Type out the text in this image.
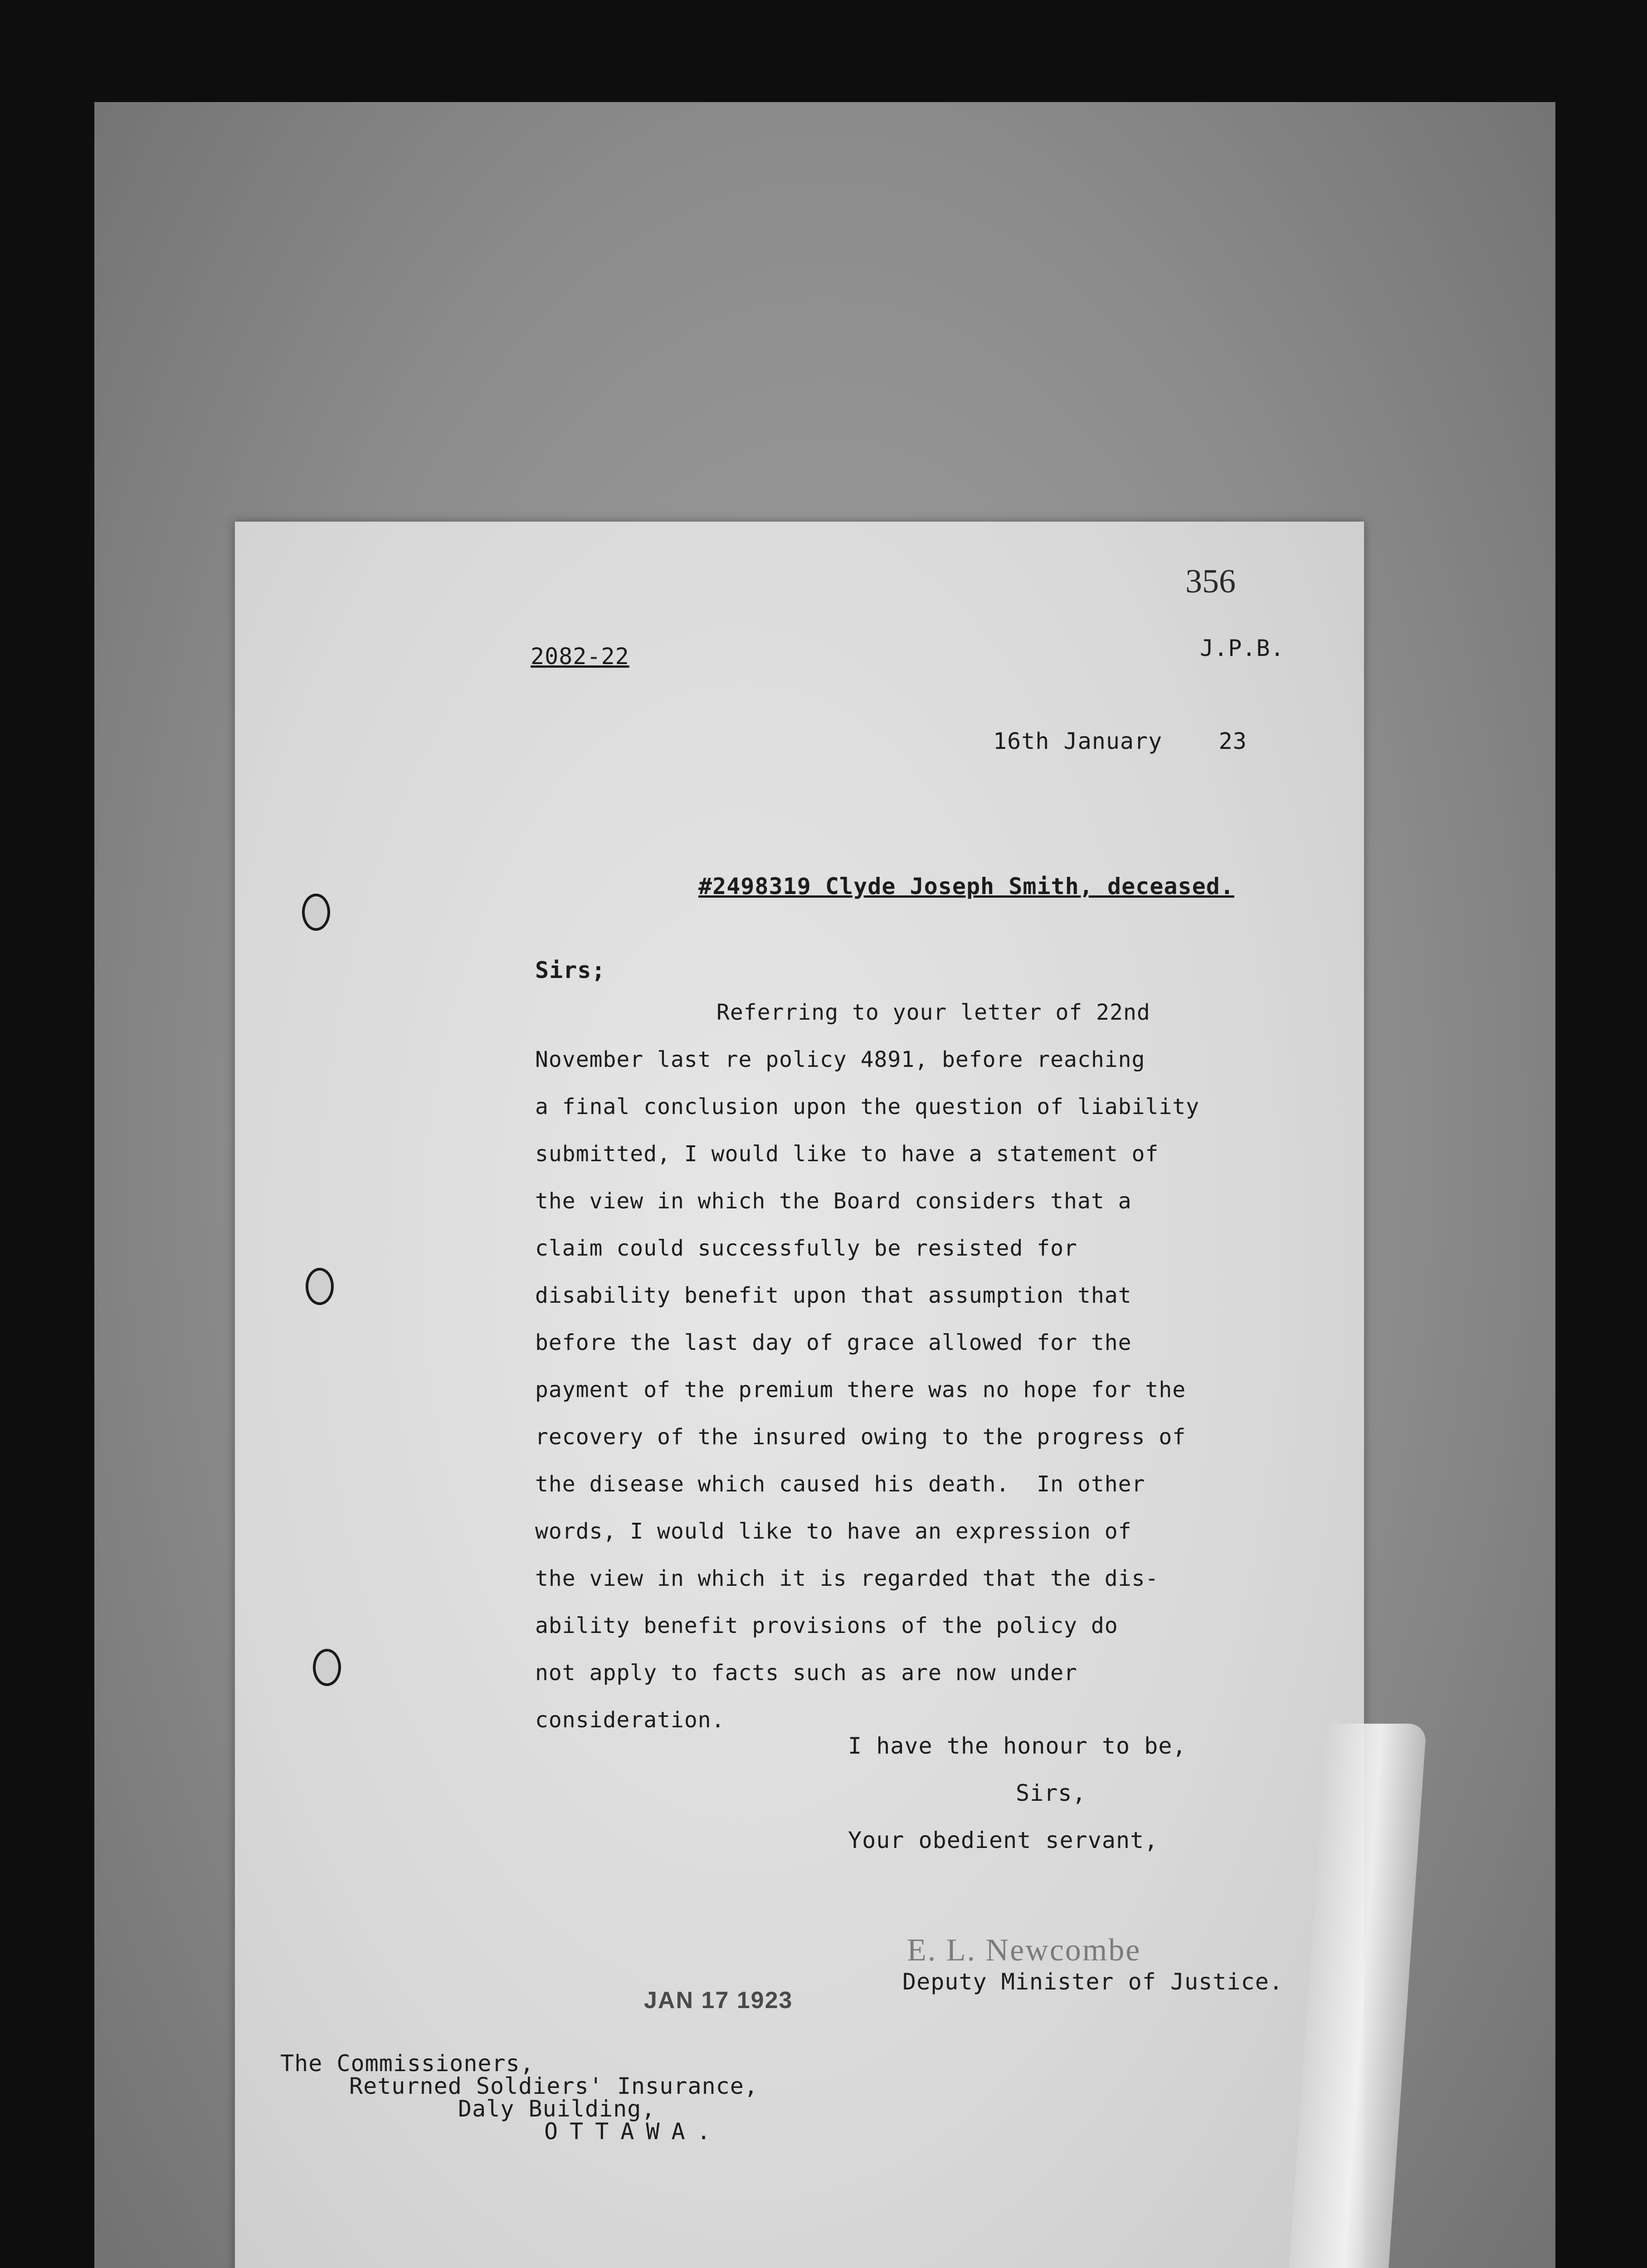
356
2082-22	J.P.B.
16th January    23
#2498319 Clyde Joseph Smith, deceased.
Sirs;
Referring to your letter of 22nd
November last re policy 4891, before reaching
a final conclusion upon the question of liability
submitted, I would like to have a statement of
the view in which the Board considers that a
claim could successfully be resisted for
disability benefit upon that assumption that
before the last day of grace allowed for the
payment of the premium there was no hope for the
recovery of the insured owing to the progress of
the disease which caused his death.  In other
words, I would like to have an expression of
the view in which it is regarded that the dis-
ability benefit provisions of the policy do
not apply to facts such as are now under
consideration.
I have the honour to be,
Sirs,
Your obedient servant,
E. L. Newcombe
Deputy Minister of Justice.
JAN 17 1923
The Commissioners,
Returned Soldiers' Insurance,
Daly Building,
OTTAWA.
